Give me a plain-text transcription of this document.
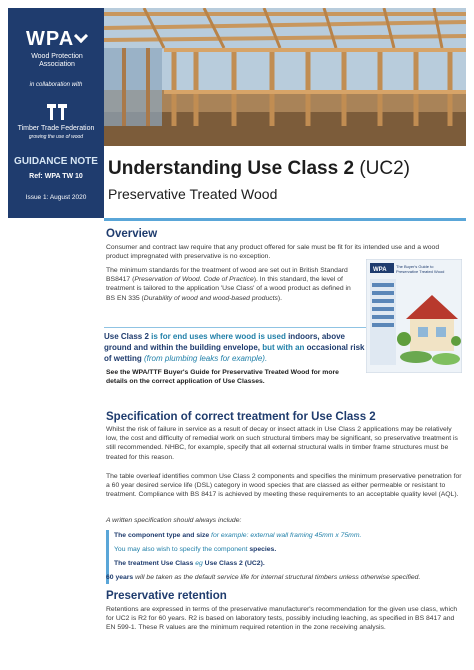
WPA
Wood Protection Association
in collaboration with
Timber Trade Federation
growing the use of wood
GUIDANCE NOTE
Ref: WPA TW 10
Issue 1: August 2020
Understanding Use Class 2 (UC2)
Preservative Treated Wood
Overview

Consumer and contract law require that any product offered for sale must be fit for its intended use and a wood product impregnated with preservative is no exception.

The minimum standards for the treatment of wood are set out in British Standard BS8417 (Preservation of Wood. Code of Practice). In this standard, the level of treatment is tailored to the application 'Use Class' of a wood product as defined in BS EN 335 (Durability of wood and wood-based products).

Use Class 2 is for end uses where wood is used indoors, above ground and within the building envelope, but with an occasional risk of wetting (from plumbing leaks for example).

See the WPA/TTF Buyer's Guide for Preservative Treated Wood for more details on the correct application of Use Classes.

WPA
The Buyer's Guide to
Preservative Treated Wood
Specification of correct treatment for Use Class 2

Whilst the risk of failure in service as a result of decay or insect attack in Use Class 2 applications may be relatively low, the cost and difficulty of remedial work on such structural timbers may be significant, so preservative treatment is still recommended. NHBC, for example, specify that all external structural walls in timber frame structures must be treated for this reason.

The table overleaf identifies common Use Class 2 components and specifies the minimum preservative penetration for a 60 year desired service life (DSL) category in wood species that are classed as either permeable or resistant to treatment. Compliance with BS 8417 is achieved by meeting these requirements to an acceptable quality level (AQL).

A written specification should always include:

The component type and size for example: external wall framing 45mm x 75mm.
You may also wish to specify the component species.
The treatment Use Class eg Use Class 2 (UC2).
60 years will be taken as the default service life for internal structural timbers unless otherwise specified.
Preservative retention

Retentions are expressed in terms of the preservative manufacturer's recommendation for the given use class, which for UC2 is R2 for 60 years. R2 is based on laboratory tests, possibly including leaching, as specified in BS 8417 and EN 599-1. These R values are the minimum required retention in the zone receiving analysis.
